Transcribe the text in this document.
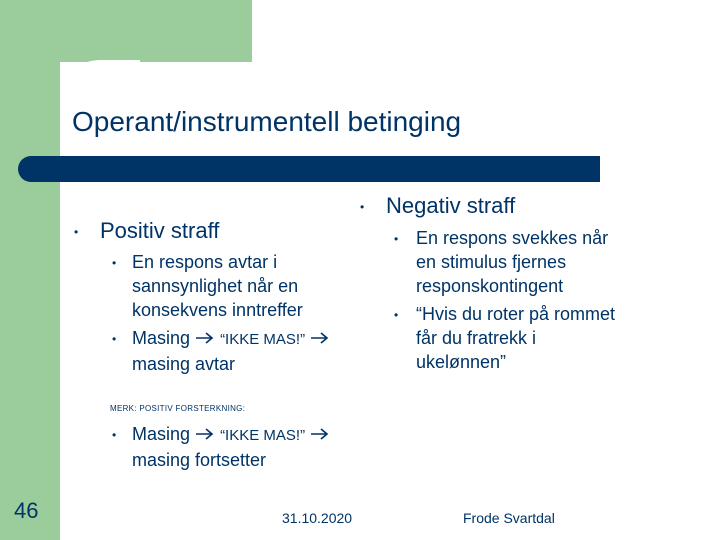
Operant/instrumentell betinging
• Positiv straff
• En respons avtar i
sannsynlighet når en
konsekvens inntreffer
• Masing “IKKE MAS!”
masing avtar
MERK: POSITIV FORSTERKNING:
• Masing “IKKE MAS!”
masing fortsetter
• Negativ straff
• En respons svekkes når
en stimulus fjernes
responskontingent
• “Hvis du roter på rommet
får du fratrekk i
ukelønnen”
46	31.10.2020	Frode Svartdal
